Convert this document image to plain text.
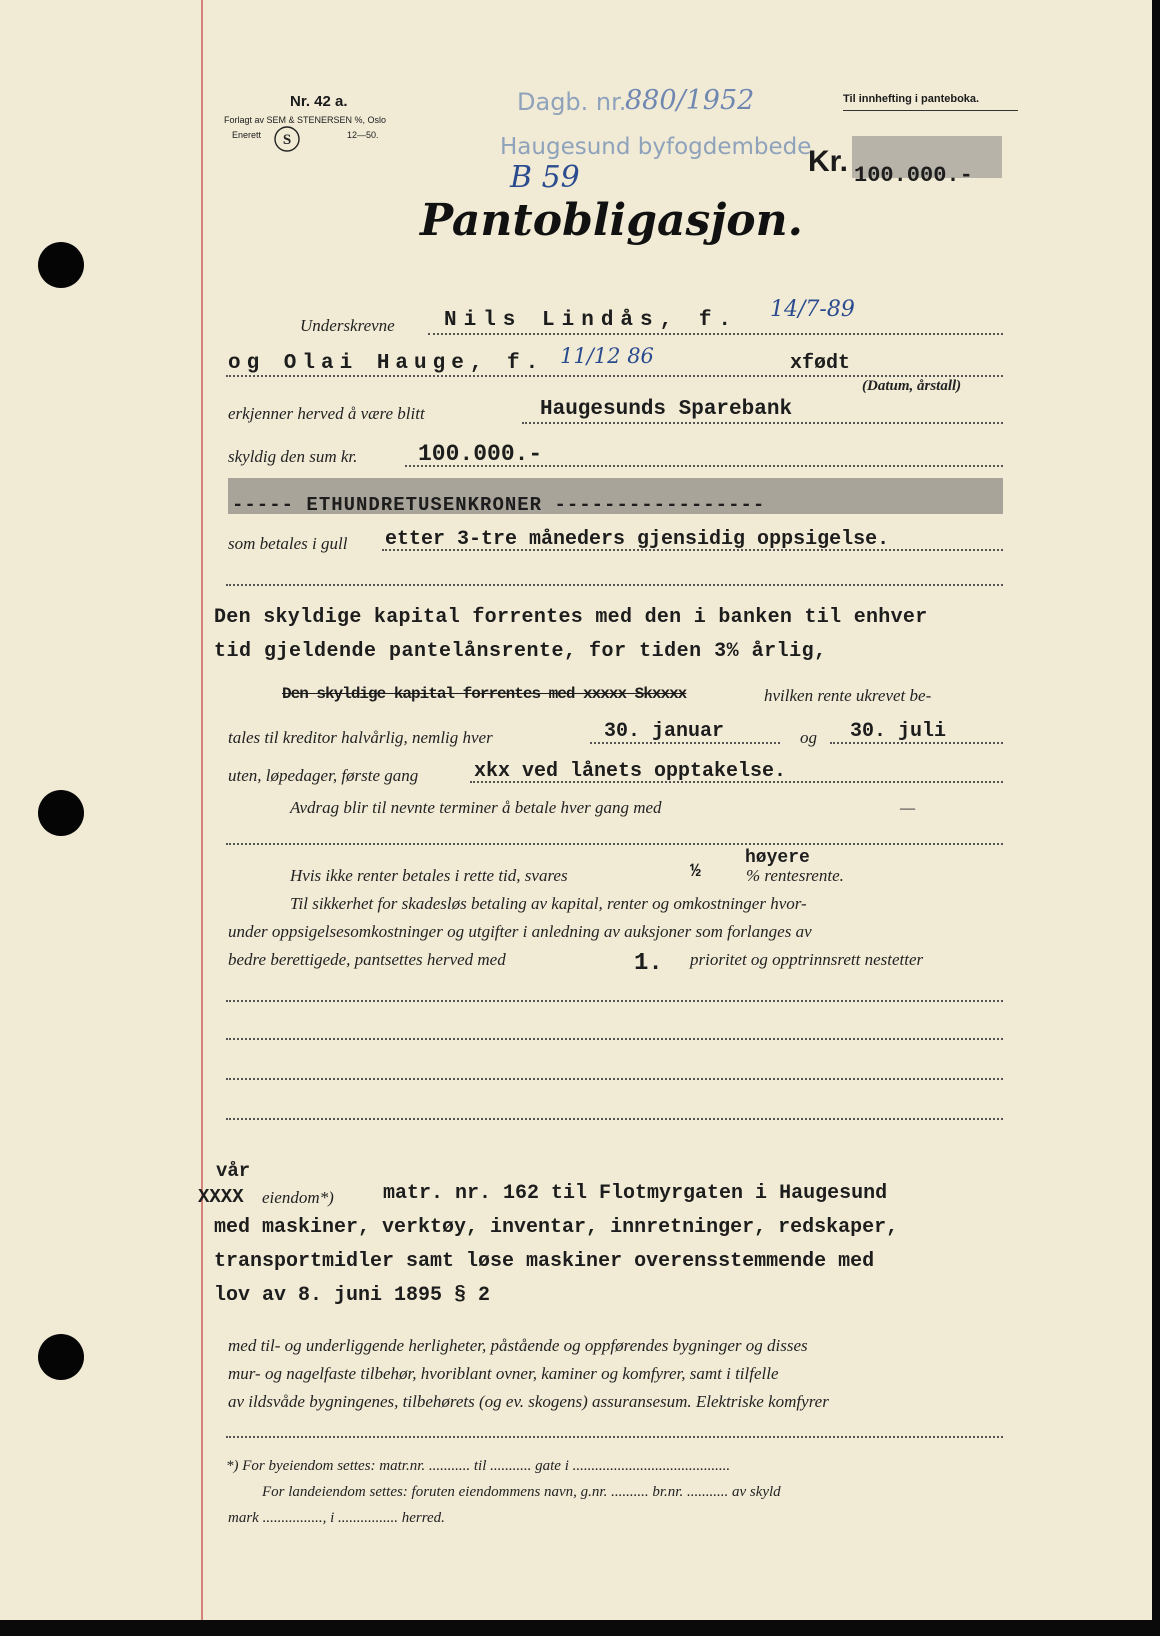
Nr. 42 a.
Forlagt av SEM & STENERSEN %, Oslo
Enerett S	12—50.
Dagb. nr.
880/1952
Haugesund byfogdembede
B 59
Til innhefting i panteboka.
Kr. 100.000.-
Pantobligasjon.
Underskrevne Nils Lindås, f. 14/7-89
og Olai Hauge, f. 11/12 86	xfødt
(Datum, årstall)
erkjenner herved å være blitt	Haugesunds Sparebank
skyldig den sum kr.	100.000.-
----- ETHUNDRETUSENKRONER -----------------
som betales i gull etter 3-tre måneders gjensidig oppsigelse.
Den skyldige kapital forrentes med den i banken til enhver
tid gjeldende pantelånsrente, for tiden 3% årlig,
Den skyldige kapital forrentes med xxxxx Skxxxx	hvilken rente ukrevet be-
tales til kreditor halvårlig, nemlig hver	30. januar	og 30. juli
uten, løpedager, første gang	xkx ved lånets opptakelse.
Avdrag blir til nevnte terminer å betale hver gang med	—
Hvis ikke renter betales i rette tid, svares	½
høyere
% rentesrente.
Til sikkerhet for skadesløs betaling av kapital, renter og omkostninger hvor-
under oppsigelsesomkostninger og utgifter i anledning av auksjoner som forlanges av
bedre berettigede, pantsettes herved med	1. prioritet og opptrinnsrett nestetter
vår
XXXX eiendom*) matr. nr. 162 til Flotmyrgaten i Haugesund
med maskiner, verktøy, inventar, innretninger, redskaper,
transportmidler samt løse maskiner overensstemmende med
lov av 8. juni 1895 § 2
med til- og underliggende herligheter, påstående og oppførendes bygninger og disses
mur- og nagelfaste tilbehør, hvoriblant ovner, kaminer og komfyrer, samt i tilfelle
av ildsvåde bygningenes, tilbehørets (og ev. skogens) assuransesum. Elektriske komfyrer
*) For byeiendom settes: matr.nr. ........... til ........... gate i ..........................................
For landeiendom settes: foruten eiendommens navn, g.nr. .......... br.nr. ........... av skyld
mark ................, i ................ herred.
